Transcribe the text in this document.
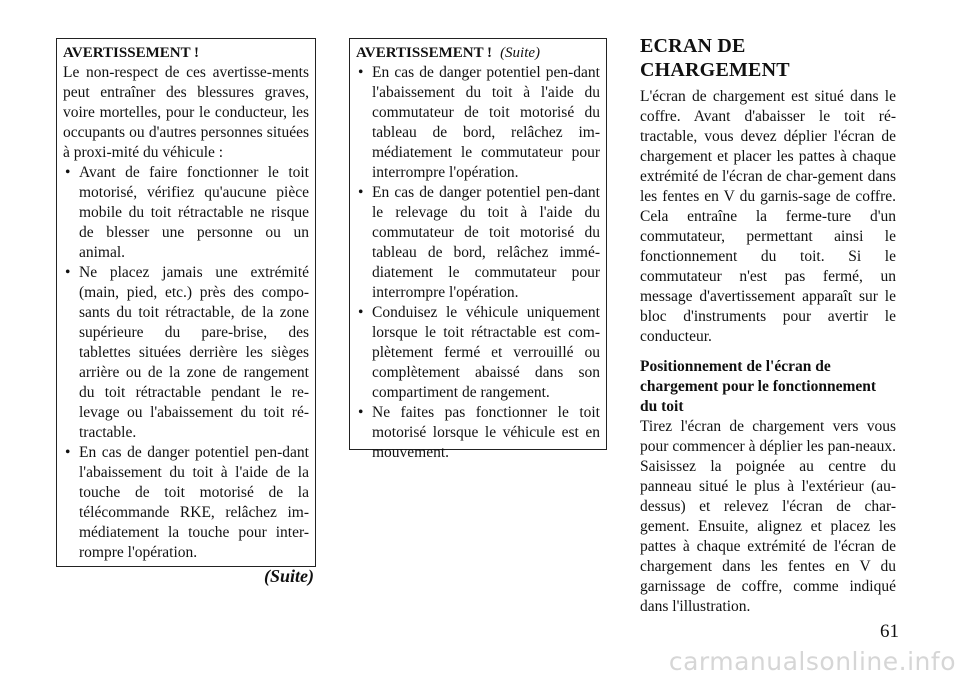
AVERTISSEMENT !
Le non-respect de ces avertisse-ments peut entraîner des blessures graves, voire mortelles, pour le conducteur, les occupants ou d'autres personnes situées à proxi-mité du véhicule :
• Avant de faire fonctionner le toit motorisé, vérifiez qu'aucune pièce mobile du toit rétractable ne risque de blesser une personne ou un animal.
• Ne placez jamais une extrémité (main, pied, etc.) près des compo-sants du toit rétractable, de la zone supérieure du pare-brise, des tablettes situées derrière les sièges arrière ou de la zone de rangement du toit rétractable pendant le re-levage ou l'abaissement du toit ré-tractable.
• En cas de danger potentiel pen-dant l'abaissement du toit à l'aide de la touche de toit motorisé de la télécommande RKE, relâchez im-médiatement la touche pour inter-rompre l'opération.
(Suite)
AVERTISSEMENT ! (Suite)
• En cas de danger potentiel pen-dant l'abaissement du toit à l'aide du commutateur de toit motorisé du tableau de bord, relâchez im-médiatement le commutateur pour interrompre l'opération.
• En cas de danger potentiel pen-dant le relevage du toit à l'aide du commutateur de toit motorisé du tableau de bord, relâchez immé-diatement le commutateur pour interrompre l'opération.
• Conduisez le véhicule uniquement lorsque le toit rétractable est com-plètement fermé et verrouillé ou complètement abaissé dans son compartiment de rangement.
• Ne faites pas fonctionner le toit motorisé lorsque le véhicule est en mouvement.
ECRAN DE CHARGEMENT

L'écran de chargement est situé dans le coffre. Avant d'abaisser le toit ré-tractable, vous devez déplier l'écran de chargement et placer les pattes à chaque extrémité de l'écran de char-gement dans les fentes en V du garnis-sage de coffre. Cela entraîne la ferme-ture d'un commutateur, permettant ainsi le fonctionnement du toit. Si le commutateur n'est pas fermé, un message d'avertissement apparaît sur le bloc d'instruments pour avertir le conducteur.

Positionnement de l'écran de chargement pour le fonctionnement du toit

Tirez l'écran de chargement vers vous pour commencer à déplier les pan-neaux. Saisissez la poignée au centre du panneau situé le plus à l'extérieur (au-dessus) et relevez l'écran de char-gement. Ensuite, alignez et placez les pattes à chaque extrémité de l'écran de chargement dans les fentes en V du garnissage de coffre, comme indiqué dans l'illustration.

61
carmanualsonline.info
